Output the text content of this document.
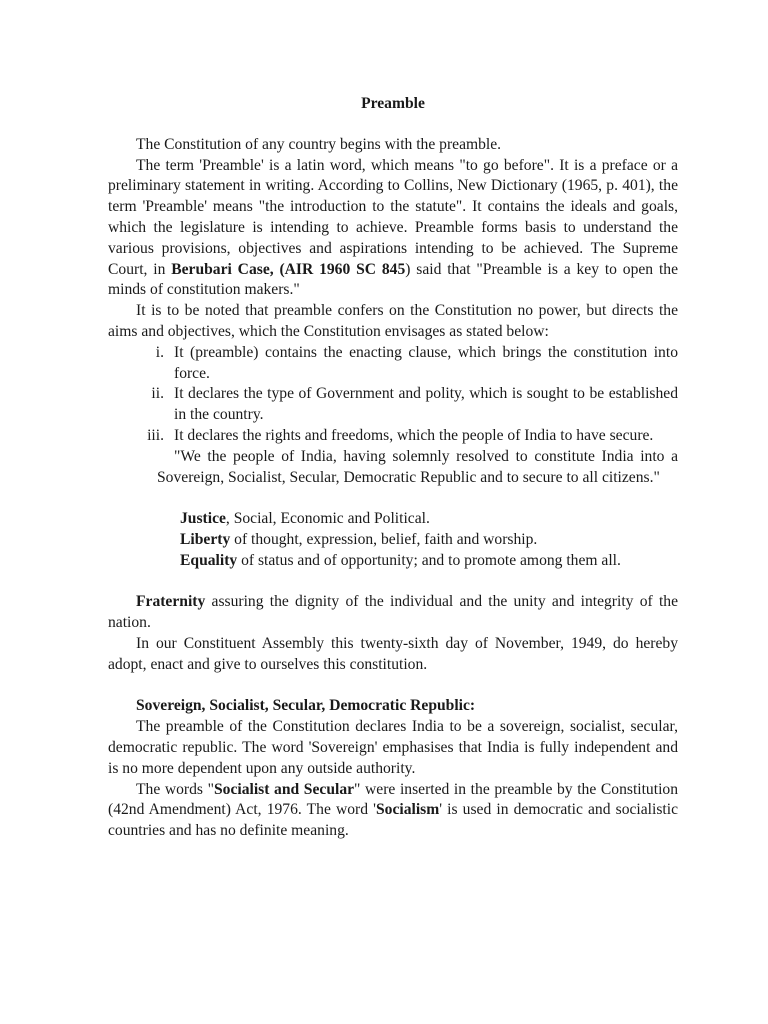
Preamble

The Constitution of any country begins with the preamble.

The term 'Preamble' is a latin word, which means "to go before". It is a preface or a preliminary statement in writing. According to Collins, New Dictionary (1965, p. 401), the term 'Preamble' means "the introduction to the statute". It contains the ideals and goals, which the legislature is intending to achieve. Preamble forms basis to understand the various provisions, objectives and aspirations intending to be achieved. The Supreme Court, in Berubari Case, (AIR 1960 SC 845) said that "Preamble is a key to open the minds of constitution makers."

It is to be noted that preamble confers on the Constitution no power, but directs the aims and objectives, which the Constitution envisages as stated below:

i. It (preamble) contains the enacting clause, which brings the constitution into force.
ii. It declares the type of Government and polity, which is sought to be established in the country.
iii. It declares the rights and freedoms, which the people of India to have secure.

"We the people of India, having solemnly resolved to constitute India into a Sovereign, Socialist, Secular, Democratic Republic and to secure to all citizens."

Justice, Social, Economic and Political.

Liberty of thought, expression, belief, faith and worship.

Equality of status and of opportunity; and to promote among them all.

Fraternity assuring the dignity of the individual and the unity and integrity of the nation.

In our Constituent Assembly this twenty-sixth day of November, 1949, do hereby adopt, enact and give to ourselves this constitution.

Sovereign, Socialist, Secular, Democratic Republic:

The preamble of the Constitution declares India to be a sovereign, socialist, secular, democratic republic. The word 'Sovereign' emphasises that India is fully independent and is no more dependent upon any outside authority.

The words "Socialist and Secular" were inserted in the preamble by the Constitution (42nd Amendment) Act, 1976. The word 'Socialism' is used in democratic and socialistic countries and has no definite meaning.
